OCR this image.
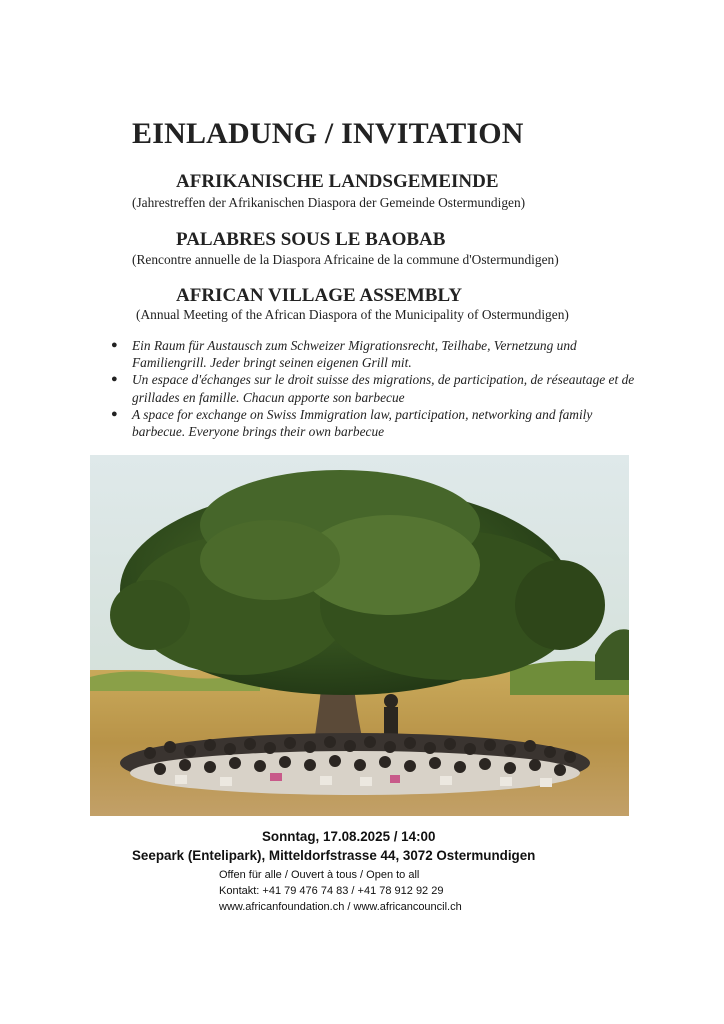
EINLADUNG / INVITATION
AFRIKANISCHE LANDSGEMEINDE

(Jahrestreffen der Afrikanischen Diaspora der Gemeinde Ostermundigen)

PALABRES SOUS LE BAOBAB

(Rencontre annuelle de la Diaspora Africaine de la commune d'Ostermundigen)

AFRICAN VILLAGE ASSEMBLY

(Annual Meeting of the African Diaspora of the Municipality of Ostermundigen)

● Ein Raum für Austausch zum Schweizer Migrationsrecht, Teilhabe, Vernetzung und Familiengrill. Jeder bringt seinen eigenen Grill mit.
● Un espace d'échanges sur le droit suisse des migrations, de participation, de réseautage et de grillades en famille. Chacun apporte son barbecue
● A space for exchange on Swiss Immigration law, participation, networking and family barbecue. Everyone brings their own barbecue

Sonntag, 17.08.2025 / 14:00

Seepark (Entelipark), Mitteldorfstrasse 44, 3072 Ostermundigen

Offen für alle / Ouvert à tous / Open to all

Kontakt: +41 79 476 74 83 / +41 78 912 92 29

www.africanfoundation.ch / www.africancouncil.ch
